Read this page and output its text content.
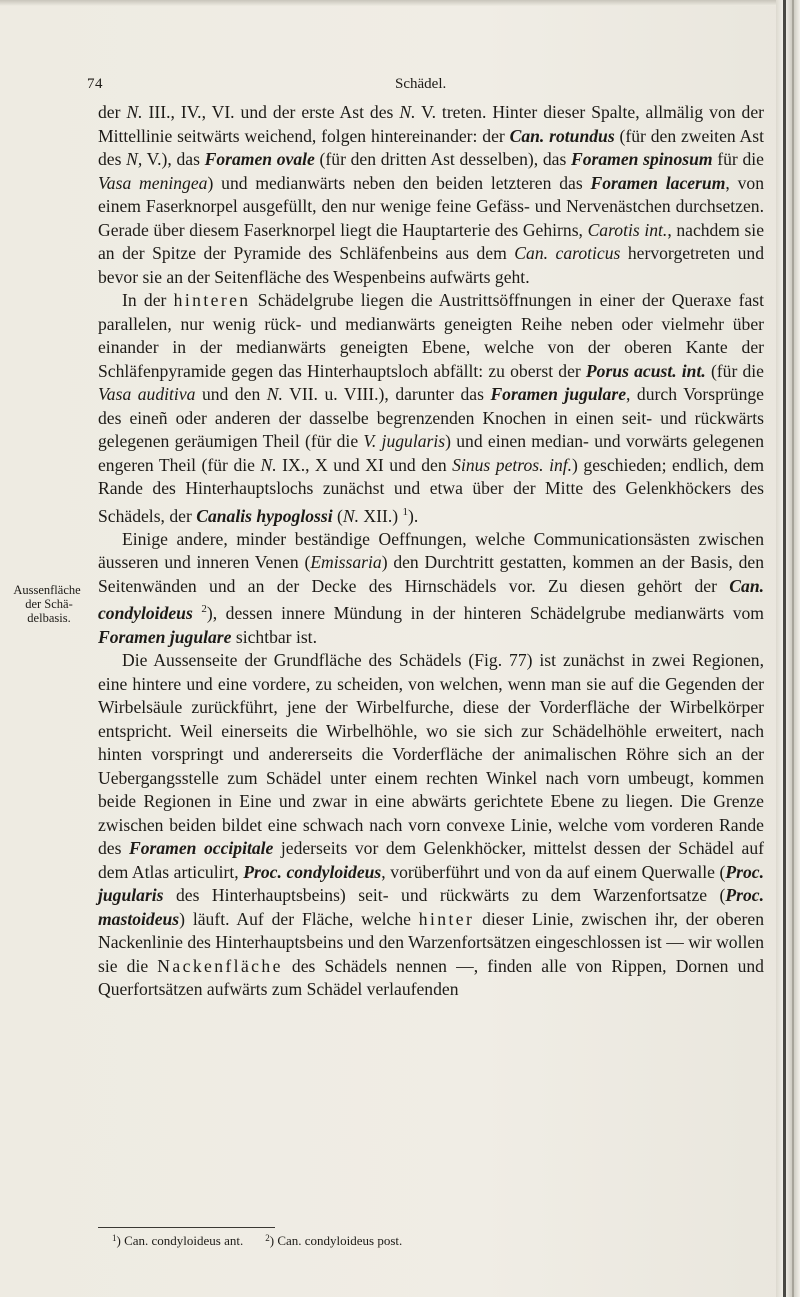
74	Schädel.
Aussenfläche
der Schä-
delbasis.

der N. III., IV., VI. und der erste Ast des N. V. treten. Hinter dieser Spalte, allmälig von der Mittellinie seitwärts weichend, folgen hintereinander: der Can. rotundus (für den zweiten Ast des N, V.), das Foramen ovale (für den dritten Ast desselben), das Foramen spinosum für die Vasa meningea) und medianwärts neben den beiden letzteren das Foramen lacerum, von einem Faserknorpel ausgefüllt, den nur wenige feine Gefäss- und Nervenästchen durchsetzen. Gerade über diesem Faserknorpel liegt die Hauptarterie des Gehirns, Carotis int., nachdem sie an der Spitze der Pyramide des Schläfenbeins aus dem Can. caroticus hervorgetreten und bevor sie an der Seitenfläche des Wespenbeins aufwärts geht.

In der hinteren Schädelgrube liegen die Austrittsöffnungen in einer der Queraxe fast parallelen, nur wenig rück- und medianwärts geneigten Reihe neben oder vielmehr über einander in der medianwärts geneigten Ebene, welche von der oberen Kante der Schläfenpyramide gegen das Hinterhauptsloch abfällt: zu oberst der Porus acust. int. (für die Vasa auditiva und den N. VII. u. VIII.), darunter das Foramen jugulare, durch Vorsprünge des eineñ oder anderen der dasselbe begrenzenden Knochen in einen seit- und rückwärts gelegenen geräumigen Theil (für die V. jugularis) und einen median- und vorwärts gelegenen engeren Theil (für die N. IX., X und XI und den Sinus petros. inf.) geschieden; endlich, dem Rande des Hinterhauptslochs zunächst und etwa über der Mitte des Gelenkhöckers des Schädels, der Canalis hypoglossi (N. XII.) $^1$).

Einige andere, minder beständige Oeffnungen, welche Communicationsästen zwischen äusseren und inneren Venen (Emissaria) den Durchtritt gestatten, kommen an der Basis, den Seitenwänden und an der Decke des Hirnschädels vor. Zu diesen gehört der Can. condyloideus $^2$), dessen innere Mündung in der hinteren Schädelgrube medianwärts vom Foramen jugulare sichtbar ist.

Die Aussenseite der Grundfläche des Schädels (Fig. 77) ist zunächst in zwei Regionen, eine hintere und eine vordere, zu scheiden, von welchen, wenn man sie auf die Gegenden der Wirbelsäule zurückführt, jene der Wirbelfurche, diese der Vorderfläche der Wirbelkörper entspricht. Weil einerseits die Wirbelhöhle, wo sie sich zur Schädelhöhle erweitert, nach hinten vorspringt und andererseits die Vorderfläche der animalischen Röhre sich an der Uebergangsstelle zum Schädel unter einem rechten Winkel nach vorn umbeugt, kommen beide Regionen in Eine und zwar in eine abwärts gerichtete Ebene zu liegen. Die Grenze zwischen beiden bildet eine schwach nach vorn convexe Linie, welche vom vorderen Rande des Foramen occipitale jederseits vor dem Gelenkhöcker, mittelst dessen der Schädel auf dem Atlas articulirt, Proc. condyloideus, vorüberführt und von da auf einem Querwalle (Proc. jugularis des Hinterhauptsbeins) seit- und rückwärts zu dem Warzenfortsatze (Proc. mastoideus) läuft. Auf der Fläche, welche hinter dieser Linie, zwischen ihr, der oberen Nackenlinie des Hinterhauptsbeins und den Warzenfortsätzen eingeschlossen ist — wir wollen sie die Nackenfläche des Schädels nennen —, finden alle von Rippen, Dornen und Querfortsätzen aufwärts zum Schädel verlaufenden

$^1$) Can. condyloideus ant. $^2$) Can. condyloideus post.
